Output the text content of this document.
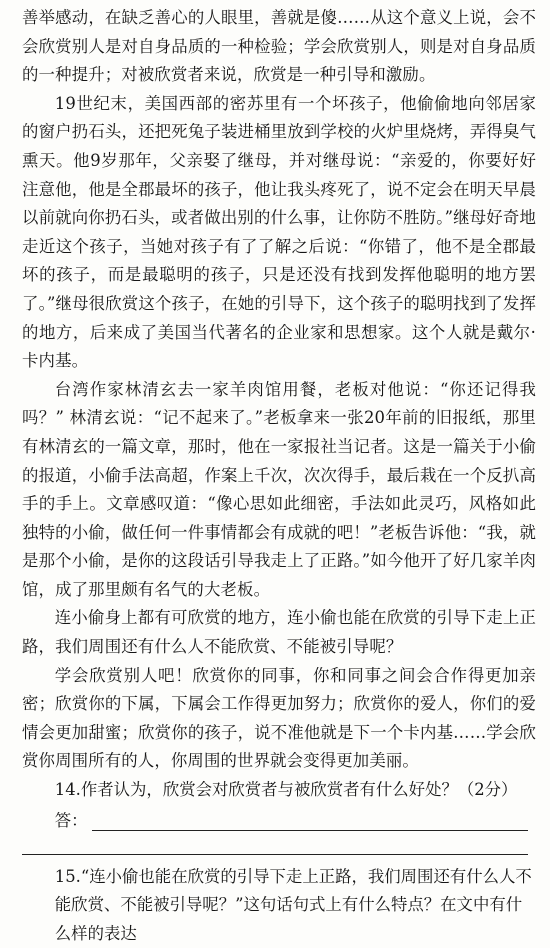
善举感动，在缺乏善心的人眼里，善就是傻……从这个意义上说，会不会欣赏别人是对自身品质的一种检验；学会欣赏别人，则是对自身品质的一种提升；对被欣赏者来说，欣赏是一种引导和激励。

19世纪末，美国西部的密苏里有一个坏孩子，他偷偷地向邻居家的窗户扔石头，还把死兔子装进桶里放到学校的火炉里烧烤，弄得臭气熏天。他9岁那年，父亲娶了继母，并对继母说：“亲爱的，你要好好注意他，他是全郡最坏的孩子，他让我头疼死了，说不定会在明天早晨以前就向你扔石头，或者做出别的什么事，让你防不胜防。”继母好奇地走近这个孩子，当她对孩子有了了解之后说：“你错了，他不是全郡最坏的孩子，而是最聪明的孩子，只是还没有找到发挥他聪明的地方罢了。”继母很欣赏这个孩子，在她的引导下，这个孩子的聪明找到了发挥的地方，后来成了美国当代著名的企业家和思想家。这个人就是戴尔·卡内基。

台湾作家林清玄去一家羊肉馆用餐，老板对他说：“你还记得我吗？” 林清玄说：“记不起来了。”老板拿来一张20年前的旧报纸，那里有林清玄的一篇文章，那时，他在一家报社当记者。这是一篇关于小偷的报道，小偷手法高超，作案上千次，次次得手，最后栽在一个反扒高手的手上。文章感叹道：“像心思如此细密，手法如此灵巧，风格如此独特的小偷，做任何一件事情都会有成就的吧！”老板告诉他：“我，就是那个小偷，是你的这段话引导我走上了正路。”如今他开了好几家羊肉馆，成了那里颇有名气的大老板。

连小偷身上都有可欣赏的地方，连小偷也能在欣赏的引导下走上正路，我们周围还有什么人不能欣赏、不能被引导呢？

学会欣赏别人吧！欣赏你的同事，你和同事之间会合作得更加亲密；欣赏你的下属，下属会工作得更加努力；欣赏你的爱人，你们的爱情会更加甜蜜；欣赏你的孩子，说不准他就是下一个卡内基……学会欣赏你周围所有的人，你周围的世界就会变得更加美丽。

14.作者认为，欣赏会对欣赏者与被欣赏者有什么好处？（2分）

答：

15.“连小偷也能在欣赏的引导下走上正路，我们周围还有什么人不能欣赏、不能被引导呢？”这句话句式上有什么特点？在文中有什么样的表达
